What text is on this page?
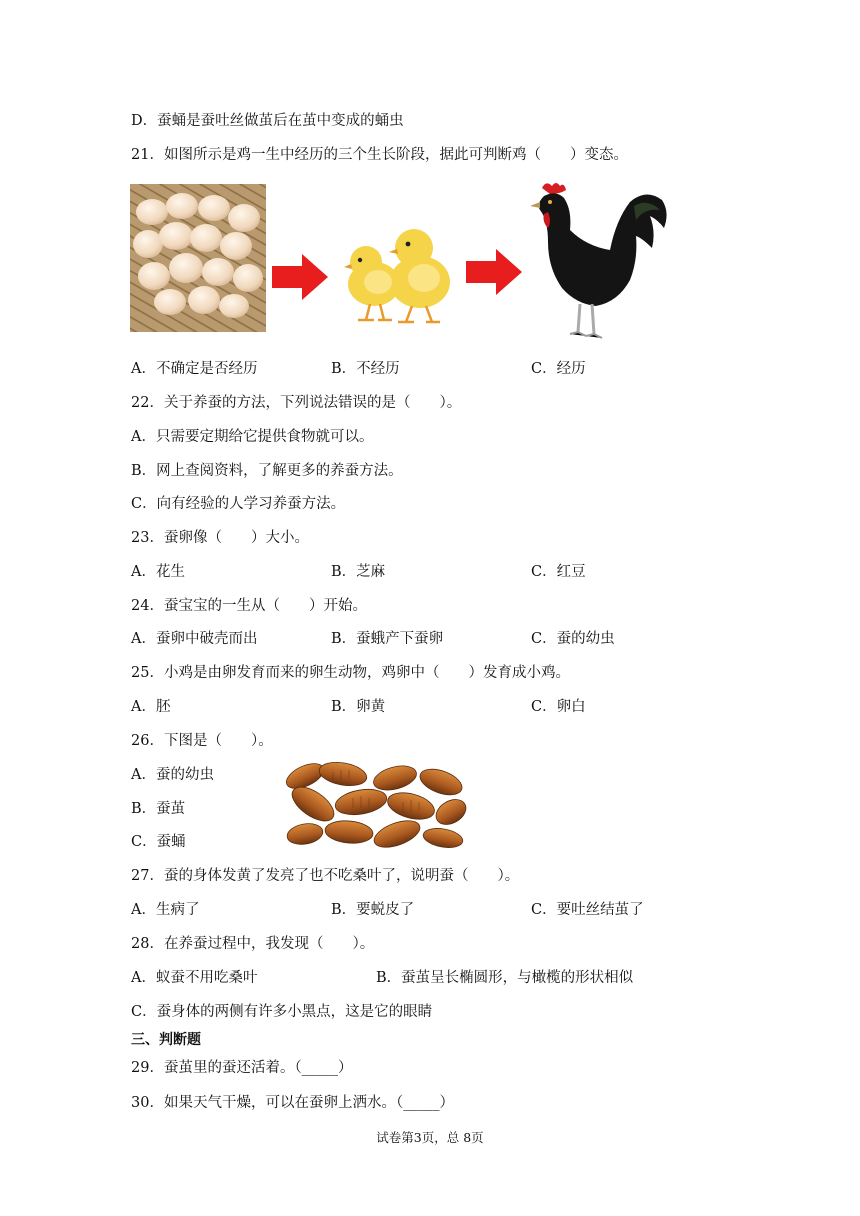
D．蚕蛹是蚕吐丝做茧后在茧中变成的蛹虫
21．如图所示是鸡一生中经历的三个生长阶段，据此可判断鸡（　　）变态。
A．不确定是否经历	B．不经历	C．经历
22．关于养蚕的方法，下列说法错误的是（　　）。
A．只需要定期给它提供食物就可以。
B．网上查阅资料，了解更多的养蚕方法。
C．向有经验的人学习养蚕方法。
23．蚕卵像（　　）大小。
A．花生	B．芝麻	C．红豆
24．蚕宝宝的一生从（　　）开始。
A．蚕卵中破壳而出	B．蚕蛾产下蚕卵	C．蚕的幼虫
25．小鸡是由卵发育而来的卵生动物，鸡卵中（　　）发育成小鸡。
A．胚	B．卵黄	C．卵白
26．下图是（　　）。
A．蚕的幼虫
B．蚕茧
C．蚕蛹
27．蚕的身体发黄了发亮了也不吃桑叶了，说明蚕（　　）。
A．生病了	B．要蜕皮了	C．要吐丝结茧了
28．在养蚕过程中，我发现（　　）。
A．蚁蚕不用吃桑叶	B．蚕茧呈长椭圆形，与橄榄的形状相似
C．蚕身体的两侧有许多小黑点，这是它的眼睛
三、判断题
29．蚕茧里的蚕还活着。（_____）
30．如果天气干燥，可以在蚕卵上洒水。（_____）
试卷第3页，总 8页
